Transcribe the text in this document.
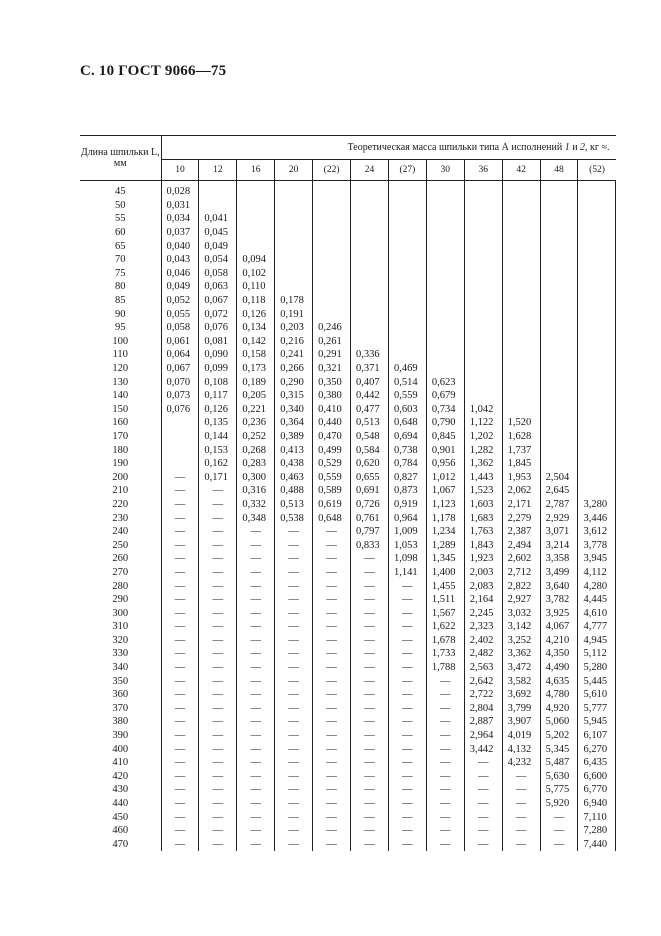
С. 10 ГОСТ 9066—75
Длина шпильки L, мм	Теоретическая масса шпильки типа А исполнений 1 и 2, кг ≈.											
	10	12	16	20	(22)	24	(27)	30	36	42	48	(52)
45	0,028											
50	0,031											
55	0,034	0,041										
60	0,037	0,045										
65	0,040	0,049										
70	0,043	0,054	0,094									
75	0,046	0,058	0,102									
80	0,049	0,063	0,110									
85	0,052	0,067	0,118	0,178								
90	0,055	0,072	0,126	0,191								
95	0,058	0,076	0,134	0,203	0,246							
100	0,061	0,081	0,142	0,216	0,261							
110	0,064	0,090	0,158	0,241	0,291	0,336						
120	0,067	0,099	0,173	0,266	0,321	0,371	0,469					
130	0,070	0,108	0,189	0,290	0,350	0,407	0,514	0,623				
140	0,073	0,117	0,205	0,315	0,380	0,442	0,559	0,679				
150	0,076	0,126	0,221	0,340	0,410	0,477	0,603	0,734	1,042			
160		0,135	0,236	0,364	0,440	0,513	0,648	0,790	1,122	1,520		
170		0,144	0,252	0,389	0,470	0,548	0,694	0,845	1,202	1,628		
180		0,153	0,268	0,413	0,499	0,584	0,738	0,901	1,282	1,737		
190		0,162	0,283	0,438	0,529	0,620	0,784	0,956	1,362	1,845		
200	—	0,171	0,300	0,463	0,559	0,655	0,827	1,012	1,443	1,953	2,504	
210	—	—	0,316	0,488	0,589	0,691	0,873	1,067	1,523	2,062	2,645	
220	—	—	0,332	0,513	0,619	0,726	0,919	1,123	1,603	2,171	2,787	3,280
230	—	—	0,348	0,538	0,648	0,761	0,964	1,178	1,683	2,279	2,929	3,446
240	—	—	—	—	—	0,797	1,009	1,234	1,763	2,387	3,071	3,612
250	—	—	—	—	—	0,833	1,053	1,289	1,843	2,494	3,214	3,778
260	—	—	—	—	—	—	1,098	1,345	1,923	2,602	3,358	3,945
270	—	—	—	—	—	—	1,141	1,400	2,003	2,712	3,499	4,112
280	—	—	—	—	—	—	—	1,455	2,083	2,822	3,640	4,280
290	—	—	—	—	—	—	—	1,511	2,164	2,927	3,782	4,445
300	—	—	—	—	—	—	—	1,567	2,245	3,032	3,925	4,610
310	—	—	—	—	—	—	—	1,622	2,323	3,142	4,067	4,777
320	—	—	—	—	—	—	—	1,678	2,402	3,252	4,210	4,945
330	—	—	—	—	—	—	—	1,733	2,482	3,362	4,350	5,112
340	—	—	—	—	—	—	—	1,788	2,563	3,472	4,490	5,280
350	—	—	—	—	—	—	—	—	2,642	3,582	4,635	5,445
360	—	—	—	—	—	—	—	—	2,722	3,692	4,780	5,610
370	—	—	—	—	—	—	—	—	2,804	3,799	4,920	5,777
380	—	—	—	—	—	—	—	—	2,887	3,907	5,060	5,945
390	—	—	—	—	—	—	—	—	2,964	4,019	5,202	6,107
400	—	—	—	—	—	—	—	—	3,442	4,132	5,345	6,270
410	—	—	—	—	—	—	—	—	—	4,232	5,487	6,435
420	—	—	—	—	—	—	—	—	—	—	5,630	6,600
430	—	—	—	—	—	—	—	—	—	—	5,775	6,770
440	—	—	—	—	—	—	—	—	—	—	5,920	6,940
450	—	—	—	—	—	—	—	—	—	—	—	7,110
460	—	—	—	—	—	—	—	—	—	—	—	7,280
470	—	—	—	—	—	—	—	—	—	—	—	7,440
